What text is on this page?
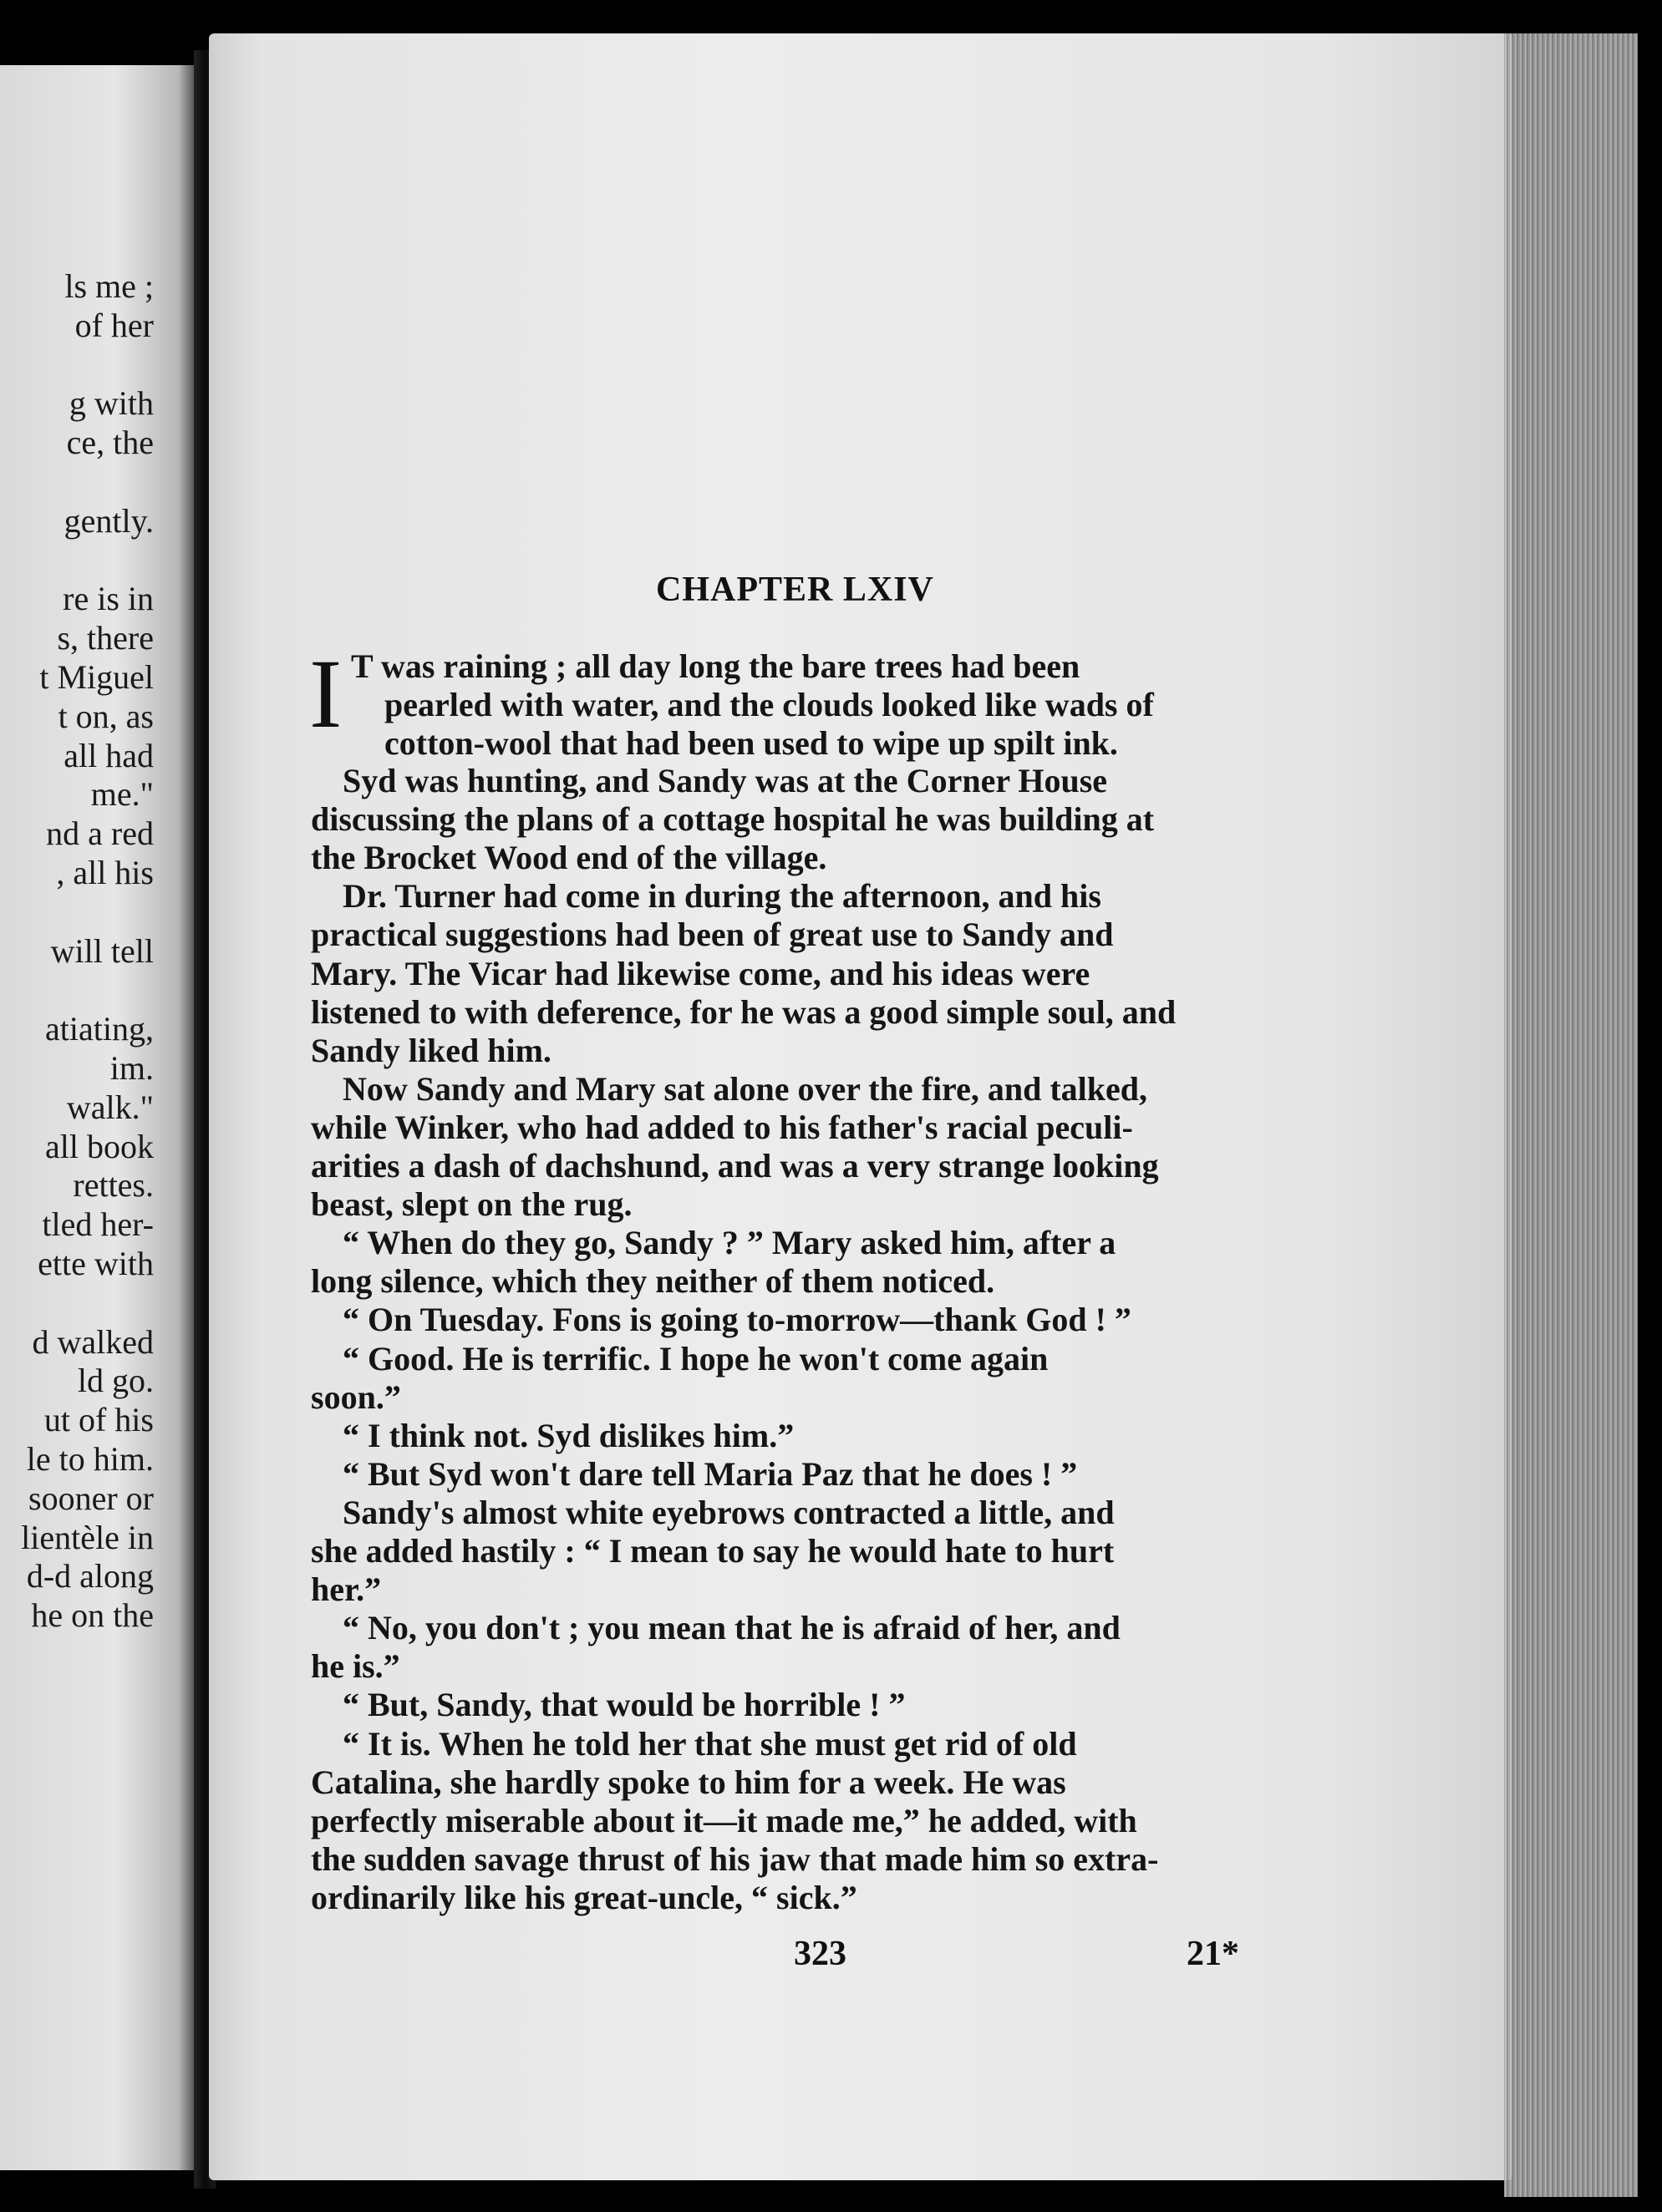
ls me ;
of her
g with
ce, the
gently.
re is in
s, there
t Miguel
t on, as
all had
me."
nd a red
, all his
will tell
atiating,
im.
walk."
all book
rettes.
tled her-
ette with
d walked
ld go.
ut of his
le to him.
sooner or
lientèle in
d-d along
he on the
CHAPTER LXIV
I T was raining ; all day long the bare trees had been
pearled with water, and the clouds looked like wads of
cotton-wool that had been used to wipe up spilt ink.
Syd was hunting, and Sandy was at the Corner House
discussing the plans of a cottage hospital he was building at
the Brocket Wood end of the village.
Dr. Turner had come in during the afternoon, and his
practical suggestions had been of great use to Sandy and
Mary. The Vicar had likewise come, and his ideas were
listened to with deference, for he was a good simple soul, and
Sandy liked him.
Now Sandy and Mary sat alone over the fire, and talked,
while Winker, who had added to his father's racial peculi-
arities a dash of dachshund, and was a very strange looking
beast, slept on the rug.
“ When do they go, Sandy ? ” Mary asked him, after a
long silence, which they neither of them noticed.
“ On Tuesday. Fons is going to-morrow—thank God ! ”
“ Good. He is terrific. I hope he won't come again
soon.”
“ I think not. Syd dislikes him.”
“ But Syd won't dare tell Maria Paz that he does ! ”
Sandy's almost white eyebrows contracted a little, and
she added hastily : “ I mean to say he would hate to hurt
her.”
“ No, you don't ; you mean that he is afraid of her, and
he is.”
“ But, Sandy, that would be horrible ! ”
“ It is. When he told her that she must get rid of old
Catalina, she hardly spoke to him for a week. He was
perfectly miserable about it—it made me,” he added, with
the sudden savage thrust of his jaw that made him so extra-
ordinarily like his great-uncle, “ sick.”
323	21*
